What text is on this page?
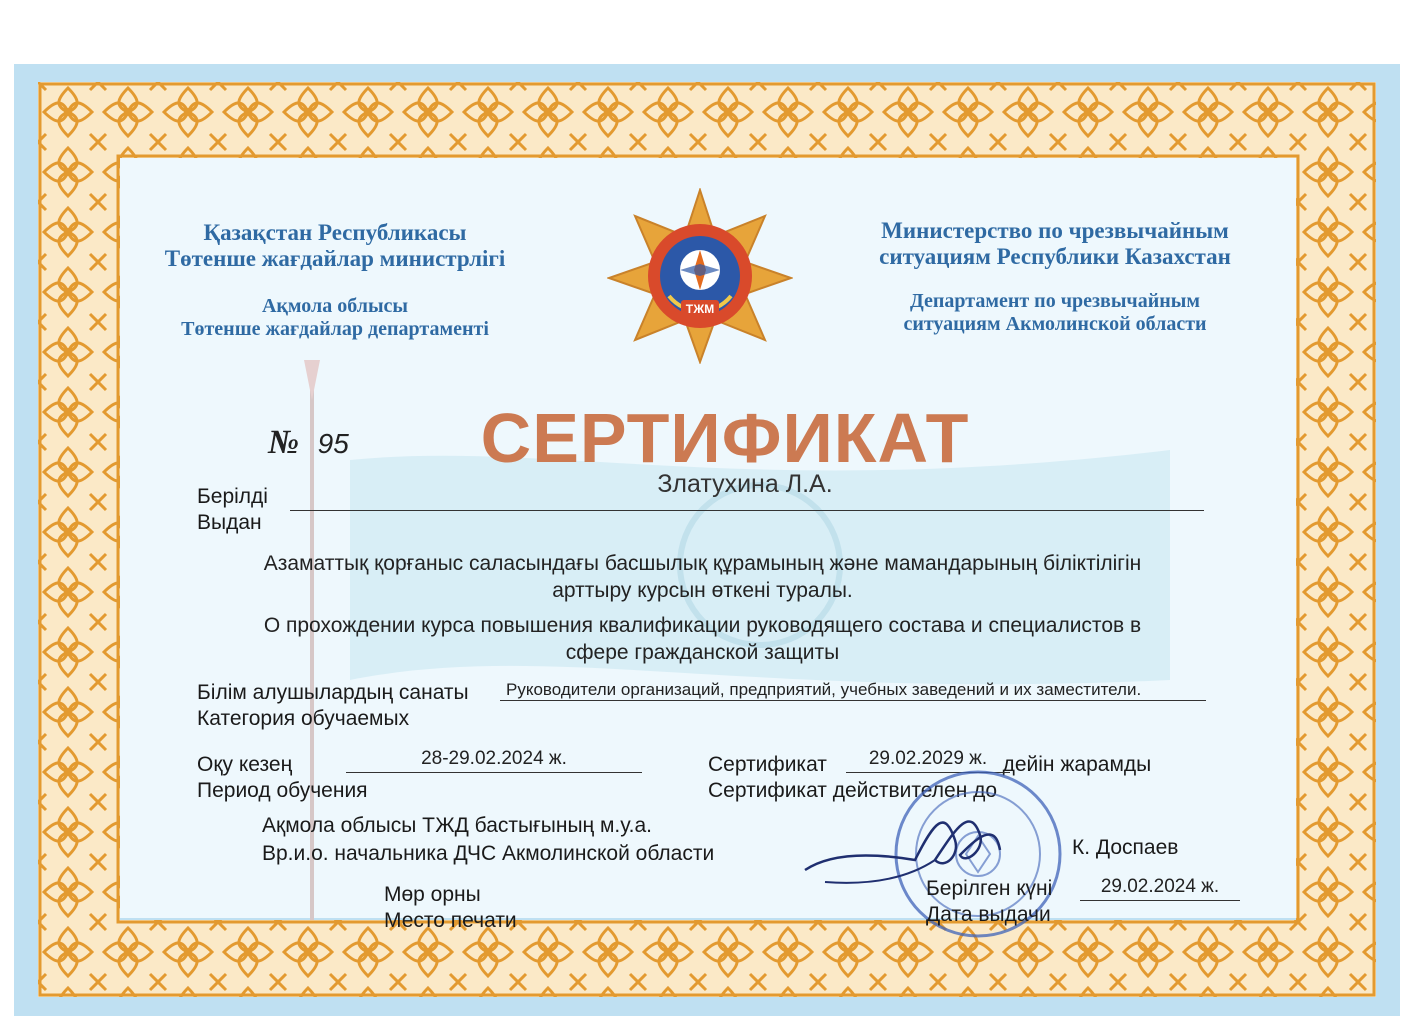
Қазақстан Республикасы
Төтенше жағдайлар министрлігі
Ақмола облысы
Төтенше жағдайлар департаменті
Министерство по чрезвычайным
ситуациям Республики Казахстан
Департамент по чрезвычайным
ситуациям Акмолинской области
ТЖМ
№ 95	СЕРТИФИКАТ
Берілді
Выдан
Златухина Л.А.
Азаматтық қорғаныс саласындағы басшылық құрамының және мамандарының біліктілігін
арттыру курсын өткені туралы.
О прохождении курса повышения квалификации руководящего состава и специалистов в
сфере гражданской защиты
Білім алушылардың санаты
Категория обучаемых
Руководители организаций, предприятий, учебных заведений и их заместители.
Оқу кезең
Период обучения
28-29.02.2024 ж.	Сертификат	дейін жарамды
Сертификат действителен до
29.02.2029 ж.
Ақмола облысы ТЖД бастығының м.у.а.
Вр.и.о. начальника ДЧС Акмолинской области	К. Доспаев
Мөр орны
Место печати
Берілген күні
Дата выдачи
29.02.2024 ж.
